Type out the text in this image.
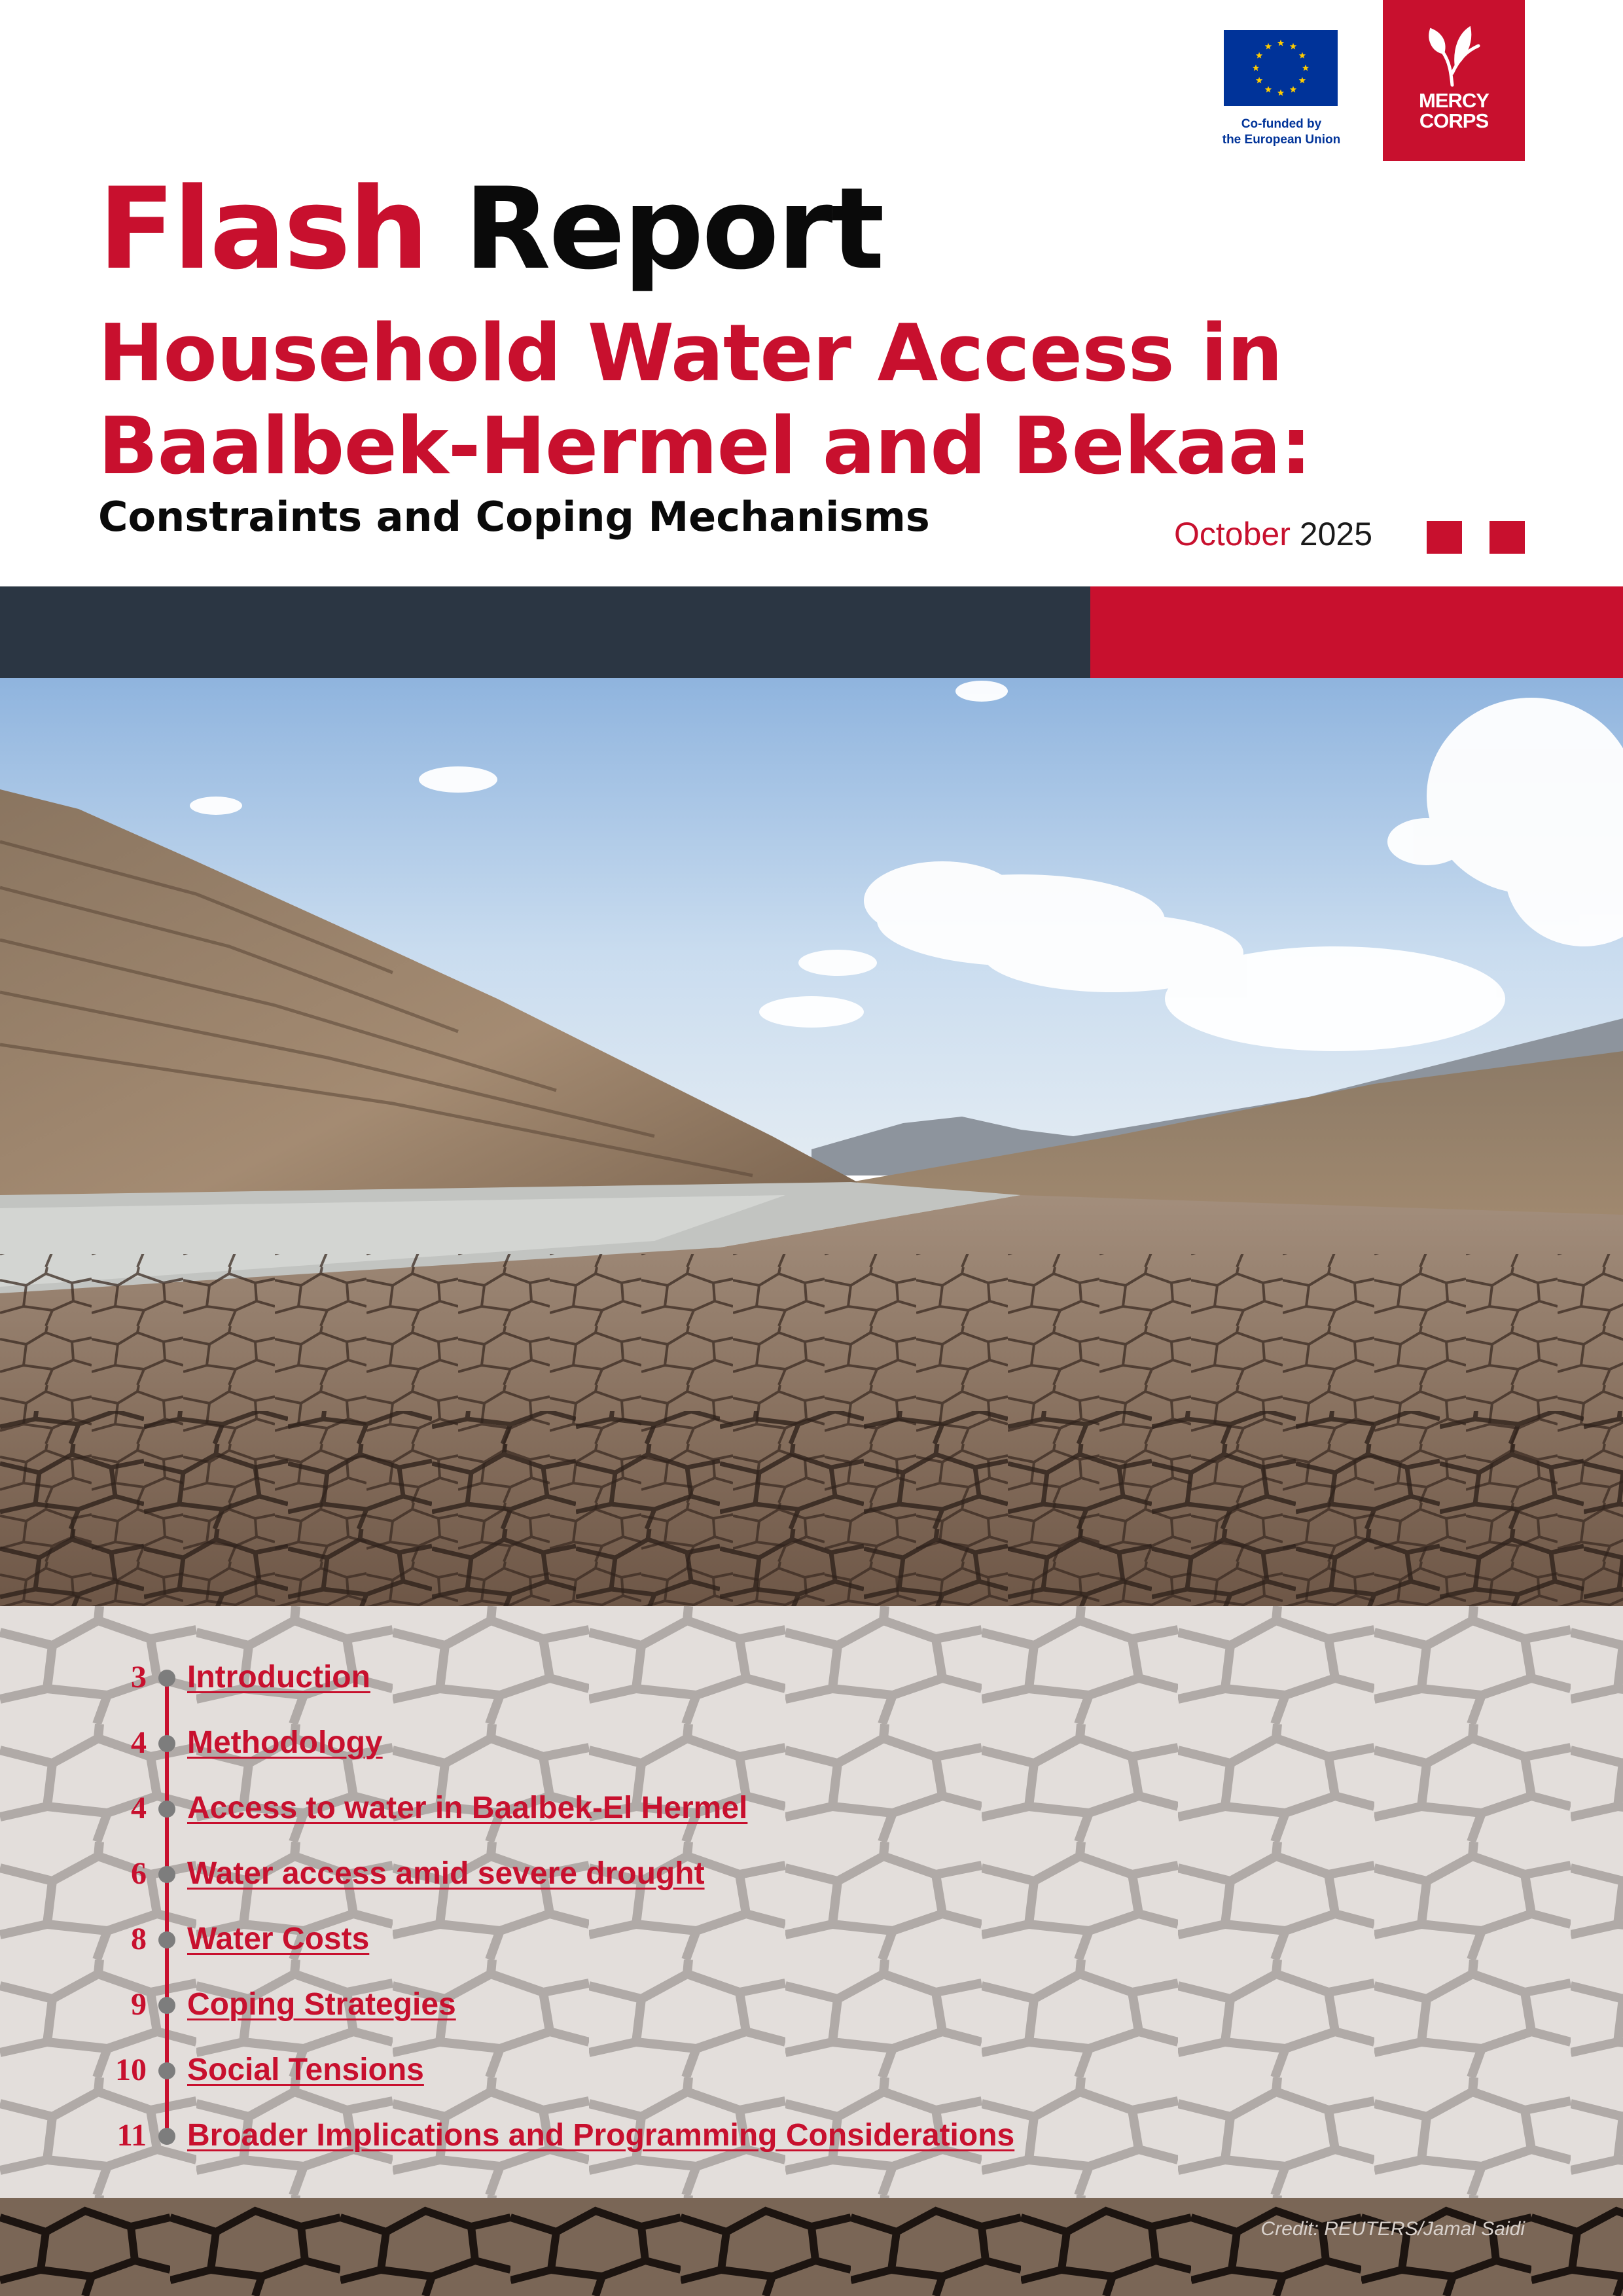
Co-funded by
the European Union
MERCY
CORPS
Flash Report
Household Water Access in
Baalbek-Hermel and Bekaa:
Constraints and Coping Mechanisms	October 2025
3 Introduction
4 Methodology
4 Access to water in Baalbek-El Hermel
6 Water access amid severe drought
8 Water Costs
9 Coping Strategies
10 Social Tensions
11 Broader Implications and Programming Considerations
Credit: REUTERS/Jamal Saidi
